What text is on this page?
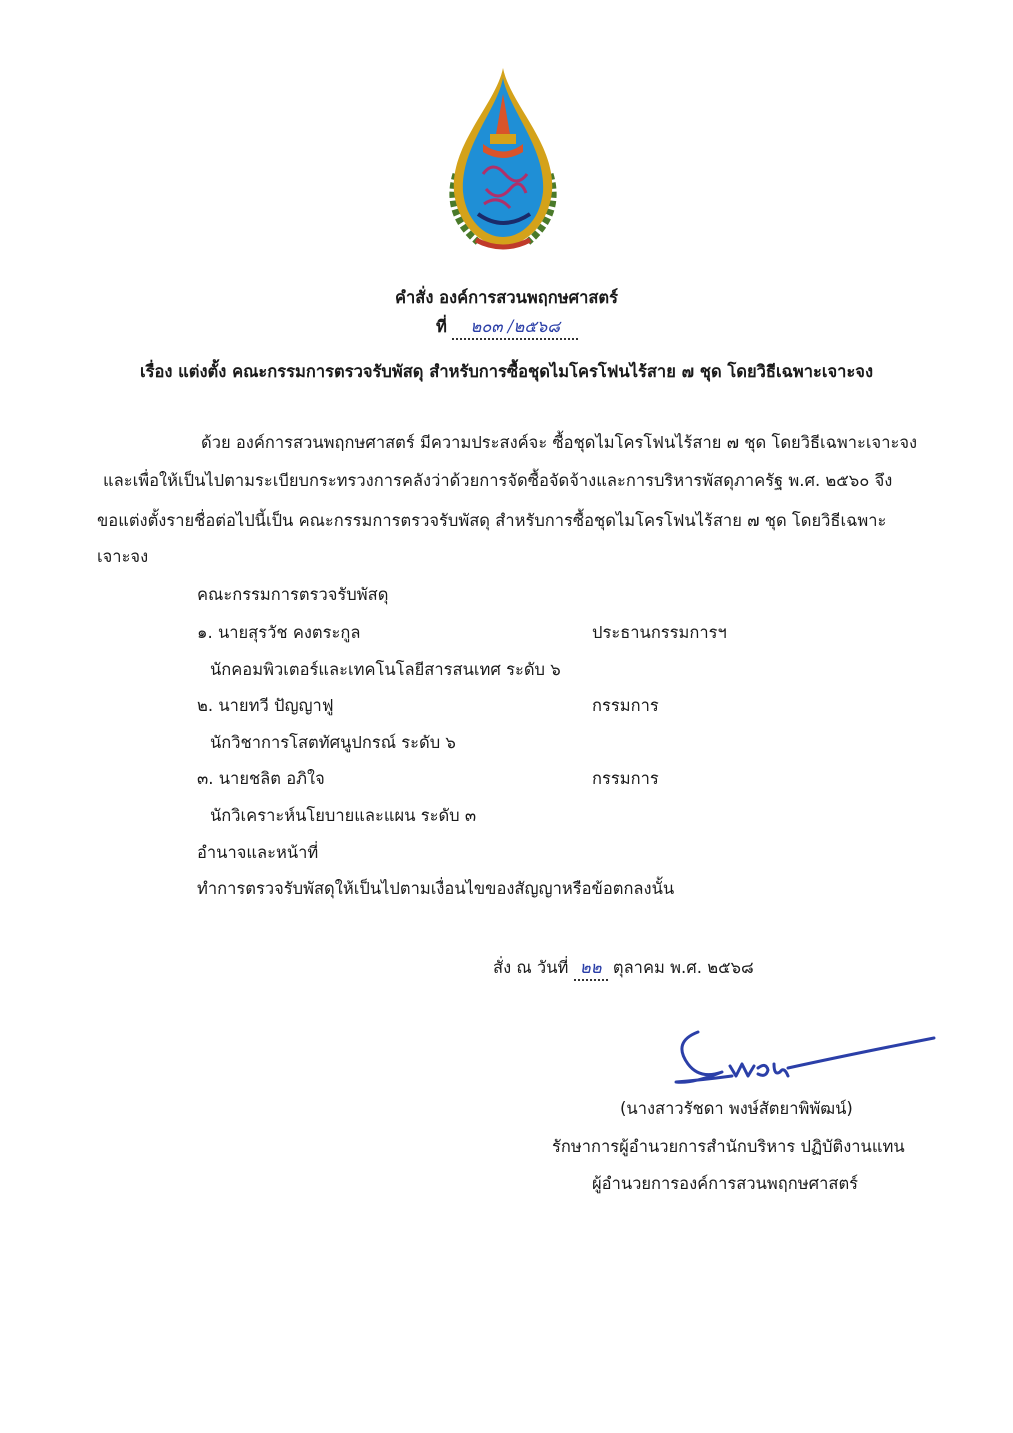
คำสั่ง องค์การสวนพฤกษศาสตร์
ที่ ๒๐๓ /๒๕๖๘
เรื่อง แต่งตั้ง คณะกรรมการตรวจรับพัสดุ สำหรับการซื้อชุดไมโครโฟนไร้สาย ๗ ชุด โดยวิธีเฉพาะเจาะจง
ด้วย องค์การสวนพฤกษศาสตร์ มีความประสงค์จะ ซื้อชุดไมโครโฟนไร้สาย ๗ ชุด โดยวิธีเฉพาะเจาะจง
และเพื่อให้เป็นไปตามระเบียบกระทรวงการคลังว่าด้วยการจัดซื้อจัดจ้างและการบริหารพัสดุภาครัฐ พ.ศ. ๒๕๖๐ จึง
ขอแต่งตั้งรายชื่อต่อไปนี้เป็น คณะกรรมการตรวจรับพัสดุ สำหรับการซื้อชุดไมโครโฟนไร้สาย ๗ ชุด โดยวิธีเฉพาะ
เจาะจง
คณะกรรมการตรวจรับพัสดุ
๑. นายสุรวัช คงตระกูล	ประธานกรรมการฯ
นักคอมพิวเตอร์และเทคโนโลยีสารสนเทศ ระดับ ๖
๒. นายทวี ปัญญาฟู	กรรมการ
นักวิชาการโสตทัศนูปกรณ์ ระดับ ๖
๓. นายชลิต อภิใจ	กรรมการ
นักวิเคราะห์นโยบายและแผน ระดับ ๓
อำนาจและหน้าที่
ทำการตรวจรับพัสดุให้เป็นไปตามเงื่อนไขของสัญญาหรือข้อตกลงนั้น
สั่ง ณ วันที่ ๒๒ ตุลาคม พ.ศ. ๒๕๖๘
(นางสาวรัชดา พงษ์สัตยาพิพัฒน์)
รักษาการผู้อำนวยการสำนักบริหาร ปฏิบัติงานแทน
ผู้อำนวยการองค์การสวนพฤกษศาสตร์
